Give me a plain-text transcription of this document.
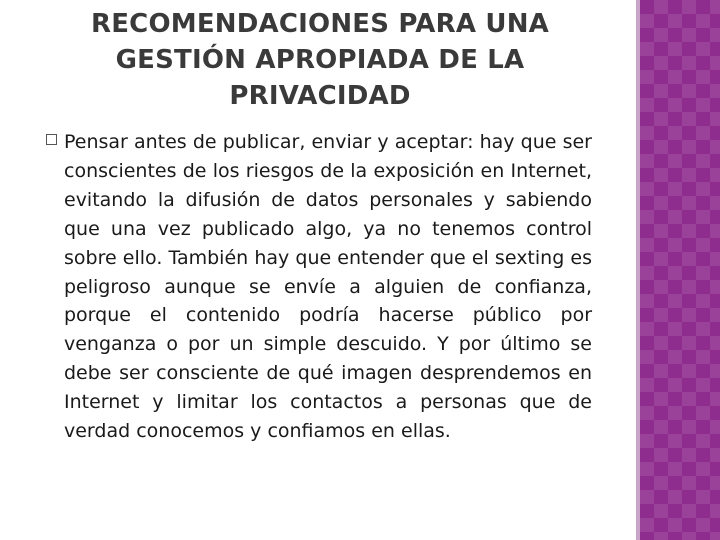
RECOMENDACIONES PARA UNA GESTIÓN APROPIADA DE LA PRIVACIDAD

Pensar antes de publicar, enviar y aceptar: hay que ser conscientes de los riesgos de la exposición en Internet, evitando la difusión de datos personales y sabiendo que una vez publicado algo, ya no tenemos control sobre ello. También hay que entender que el sexting es peligroso aunque se envíe a alguien de confianza, porque el contenido podría hacerse público por venganza o por un simple descuido. Y por último se debe ser consciente de qué imagen desprendemos en Internet y limitar los contactos a personas que de verdad conocemos y confiamos en ellas.
